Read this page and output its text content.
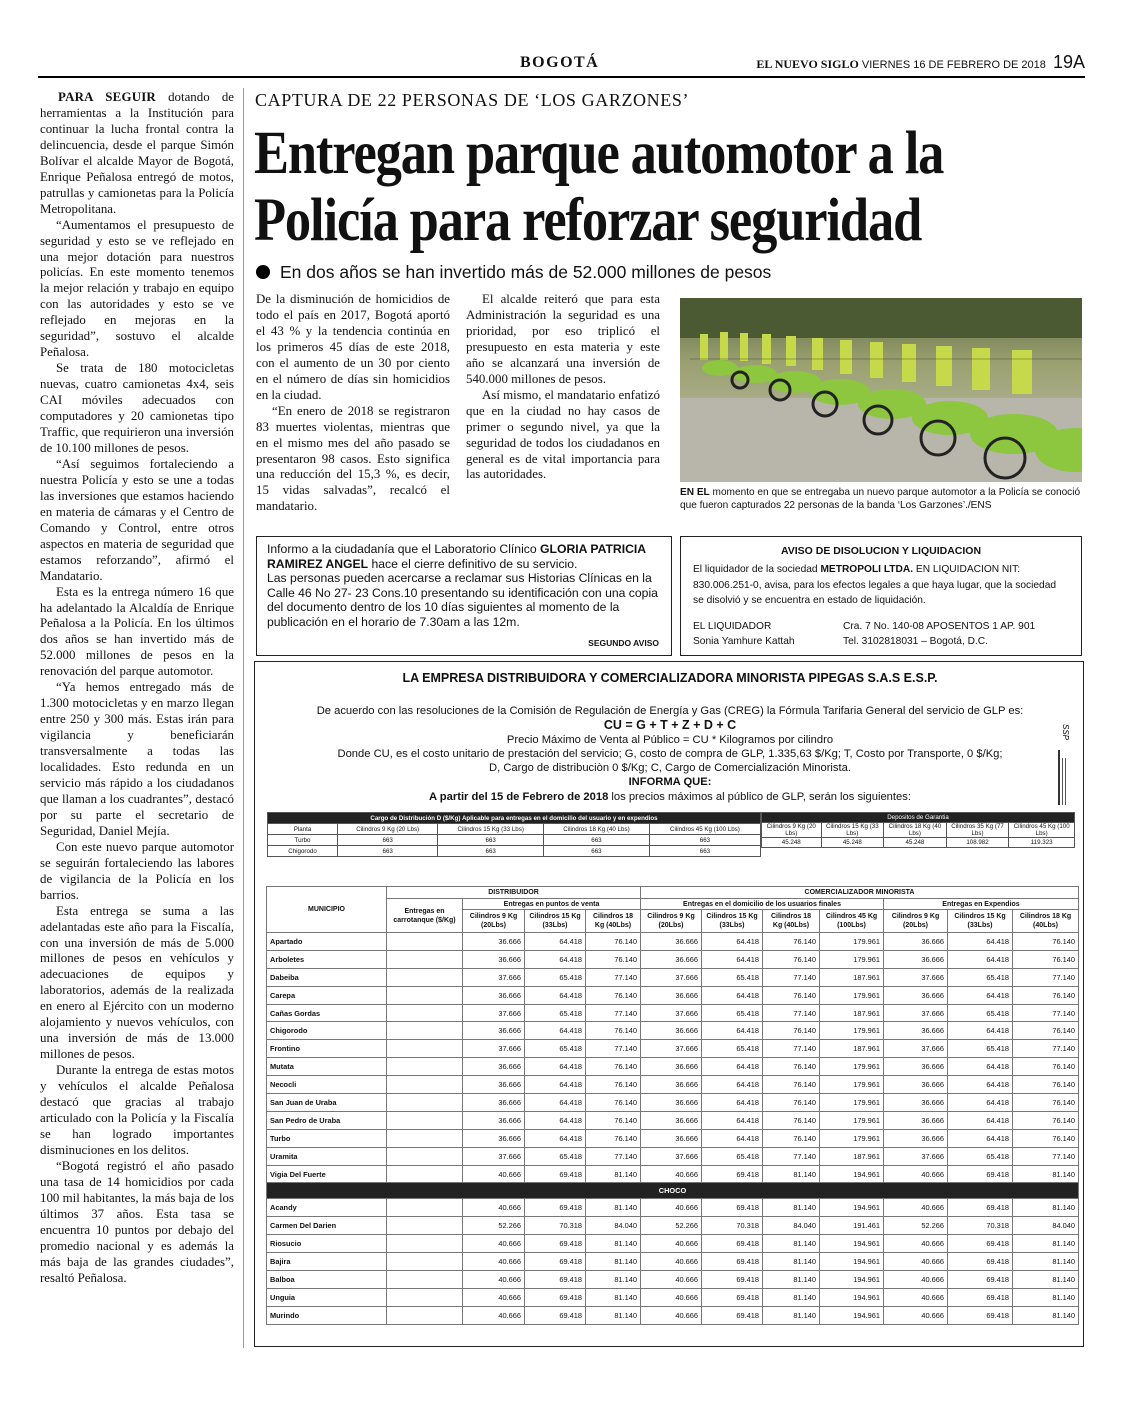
BOGOTÁ	EL NUEVO SIGLO VIERNES 16 DE FEBRERO DE 2018 19A

PARA SEGUIR dotando de herramientas a la Institución para continuar la lucha frontal contra la delincuencia, desde el parque Simón Bolívar el alcalde Mayor de Bogotá, Enrique Peñalosa entregó de motos, patrullas y camionetas para la Policía Metropolitana.

“Aumentamos el presupuesto de seguridad y esto se ve reflejado en una mejor dotación para nuestros policías. En este momento tenemos la mejor relación y trabajo en equipo con las autoridades y esto se ve reflejado en mejoras en la seguridad”, sostuvo el alcalde Peñalosa.

Se trata de 180 motocicletas nuevas, cuatro camionetas 4x4, seis CAI móviles adecuados con computadores y 20 camionetas tipo Traffic, que requirieron una inversión de 10.100 millones de pesos.

“Así seguimos fortaleciendo a nuestra Policía y esto se une a todas las inversiones que estamos haciendo en materia de cámaras y el Centro de Comando y Control, entre otros aspectos en materia de seguridad que estamos reforzando”, afirmó el Mandatario.

Esta es la entrega número 16 que ha adelantado la Alcaldía de Enrique Peñalosa a la Policía. En los últimos dos años se han invertido más de 52.000 millones de pesos en la renovación del parque automotor.

“Ya hemos entregado más de 1.300 motocicletas y en marzo llegan entre 250 y 300 más. Estas irán para vigilancia y beneficiarán transversalmente a todas las localidades. Esto redunda en un servicio más rápido a los ciudadanos que llaman a los cuadrantes”, destacó por su parte el secretario de Seguridad, Daniel Mejía.

Con este nuevo parque automotor se seguirán fortaleciendo las labores de vigilancia de la Policía en los barrios.

Esta entrega se suma a las adelantadas este año para la Fiscalía, con una inversión de más de 5.000 millones de pesos en vehículos y adecuaciones de equipos y laboratorios, además de la realizada en enero al Ejército con un moderno alojamiento y nuevos vehículos, con una inversión de más de 13.000 millones de pesos.

Durante la entrega de estas motos y vehículos el alcalde Peñalosa destacó que gracias al trabajo articulado con la Policía y la Fiscalía se han logrado importantes disminuciones en los delitos.

“Bogotá registró el año pasado una tasa de 14 homicidios por cada 100 mil habitantes, la más baja de los últimos 37 años. Esta tasa se encuentra 10 puntos por debajo del promedio nacional y es además la más baja de las grandes ciudades”, resaltó Peñalosa.

CAPTURA DE 22 PERSONAS DE ‘LOS GARZONES’
Entregan parque automotor a la
Policía para reforzar seguridad
En dos años se han invertido más de 52.000 millones de pesos

De la disminución de homicidios de todo el país en 2017, Bogotá aportó el 43 % y la tendencia continúa en los primeros 45 días de este 2018, con el aumento de un 30 por ciento en el número de días sin homicidios en la ciudad.

“En enero de 2018 se registraron 83 muertes violentas, mientras que en el mismo mes del año pasado se presentaron 98 casos. Esto significa una reducción del 15,3 %, es decir, 15 vidas salvadas”, recalcó el mandatario.

El alcalde reiteró que para esta Administración la seguridad es una prioridad, por eso triplicó el presupuesto en esta materia y este año se alcanzará una inversión de 540.000 millones de pesos.

Así mismo, el mandatario enfatizó que en la ciudad no hay casos de primer o segundo nivel, ya que la seguridad de todos los ciudadanos en general es de vital importancia para las autoridades.

EN EL momento en que se entregaba un nuevo parque automotor a la Policía se conoció que fueron capturados 22 personas de la banda ‘Los Garzones’./ENS
Informo a la ciudadanía que el Laboratorio Clínico GLORIA PATRICIA RAMIREZ ANGEL hace el cierre definitivo de su servicio.
Las personas pueden acercarse a reclamar sus Historias Clínicas en la Calle 46 No 27- 23 Cons.10 presentando su identificación con una copia del documento dentro de los 10 días siguientes al momento de la publicación en el horario de 7.30am a las 12m.
SEGUNDO AVISO
AVISO DE DISOLUCION Y LIQUIDACION
El liquidador de la sociedad METROPOLI LTDA. EN LIQUIDACION NIT: 830.006.251-0, avisa, para los efectos legales a que haya lugar, que la sociedad se disolvió y se encuentra en estado de liquidación.
EL LIQUIDADOR
Sonia Yamhure Kattah
Cra. 7 No. 140-08 APOSENTOS 1 AP. 901
Tel. 3102818031 – Bogotá, D.C.
LA EMPRESA DISTRIBUIDORA Y COMERCIALIZADORA MINORISTA PIPEGAS S.A.S E.S.P.
De acuerdo con las resoluciones de la Comisión de Regulación de Energía y Gas (CREG) la Fórmula Tarifaria General del servicio de GLP es:
CU = G + T + Z + D + C
Precio Máximo de Venta al Público = CU * Kilogramos por cilindro
Donde CU, es el costo unitario de prestación del servicio; G, costo de compra de GLP, 1.335,63 $/Kg; T, Costo por Transporte, 0 $/Kg;
D, Cargo de distribuciòn 0 $/Kg; C, Cargo de Comercialización Minorista.
INFORMA QUE:
A partir del 15 de Febrero de 2018 los precios máximos al público de GLP, serán los siguientes:
SSP
Cargo de Distribución D ($/Kg) Aplicable para entregas en el domicilio del usuario y en expendios				
Planta	Cilindros 9 Kg (20 Lbs)	Cilindros 15 Kg (33 Lbs)	Cilindros 18 Kg (40 Lbs)	Cilindros 45 Kg (100 Lbs)
Turbo	663	663	663	663
Chigorodo	663	663	663	663
Depositos de Garantia				
Cilindros 9 Kg (20 Lbs)	Cilindros 15 Kg (33 Lbs)	Cilindros 18 Kg (40 Lbs)	Cilindros 35 Kg (77 Lbs)	Cilindros 45 Kg (100 Lbs)
45.248	45.248	45.248	108.982	119.323
MUNICIPIO	DISTRIBUIDOR				COMERCIALIZADOR MINORISTA						
	Entregas en carrotanque ($/Kg)	Entregas en puntos de venta			Entregas en el domicilio de los usuarios finales				Entregas en Expendios		
		Cilindros 9 Kg (20Lbs)	Cilindros 15 Kg (33Lbs)	Cilindros 18 Kg (40Lbs)	Cilindros 9 Kg (20Lbs)	Cilindros 15 Kg (33Lbs)	Cilindros 18 Kg (40Lbs)	Cilindros 45 Kg (100Lbs)	Cilindros 9 Kg (20Lbs)	Cilindros 15 Kg (33Lbs)	Cilindros 18 Kg (40Lbs)
Apartado		36.666	64.418	76.140	36.666	64.418	76.140	179.961	36.666	64.418	76.140
Arboletes		36.666	64.418	76.140	36.666	64.418	76.140	179.961	36.666	64.418	76.140
Dabeiba		37.666	65.418	77.140	37.666	65.418	77.140	187.961	37.666	65.418	77.140
Carepa		36.666	64.418	76.140	36.666	64.418	76.140	179.961	36.666	64.418	76.140
Cañas Gordas		37.666	65.418	77.140	37.666	65.418	77.140	187.961	37.666	65.418	77.140
Chigorodo		36.666	64.418	76.140	36.666	64.418	76.140	179.961	36.666	64.418	76.140
Frontino		37.666	65.418	77.140	37.666	65.418	77.140	187.961	37.666	65.418	77.140
Mutata		36.666	64.418	76.140	36.666	64.418	76.140	179.961	36.666	64.418	76.140
Necocli		36.666	64.418	76.140	36.666	64.418	76.140	179.961	36.666	64.418	76.140
San Juan de Uraba		36.666	64.418	76.140	36.666	64.418	76.140	179.961	36.666	64.418	76.140
San Pedro de Uraba		36.666	64.418	76.140	36.666	64.418	76.140	179.961	36.666	64.418	76.140
Turbo		36.666	64.418	76.140	36.666	64.418	76.140	179.961	36.666	64.418	76.140
Uramita		37.666	65.418	77.140	37.666	65.418	77.140	187.961	37.666	65.418	77.140
Vigia Del Fuerte		40.666	69.418	81.140	40.666	69.418	81.140	194.961	40.666	69.418	81.140
CHOCO											
Acandy		40.666	69.418	81.140	40.666	69.418	81.140	194.961	40.666	69.418	81.140
Carmen Del Darien		52.266	70.318	84.040	52.266	70.318	84.040	191.461	52.266	70.318	84.040
Riosucio		40.666	69.418	81.140	40.666	69.418	81.140	194.961	40.666	69.418	81.140
Bajira		40.666	69.418	81.140	40.666	69.418	81.140	194.961	40.666	69.418	81.140
Balboa		40.666	69.418	81.140	40.666	69.418	81.140	194.961	40.666	69.418	81.140
Unguia		40.666	69.418	81.140	40.666	69.418	81.140	194.961	40.666	69.418	81.140
Murindo		40.666	69.418	81.140	40.666	69.418	81.140	194.961	40.666	69.418	81.140
